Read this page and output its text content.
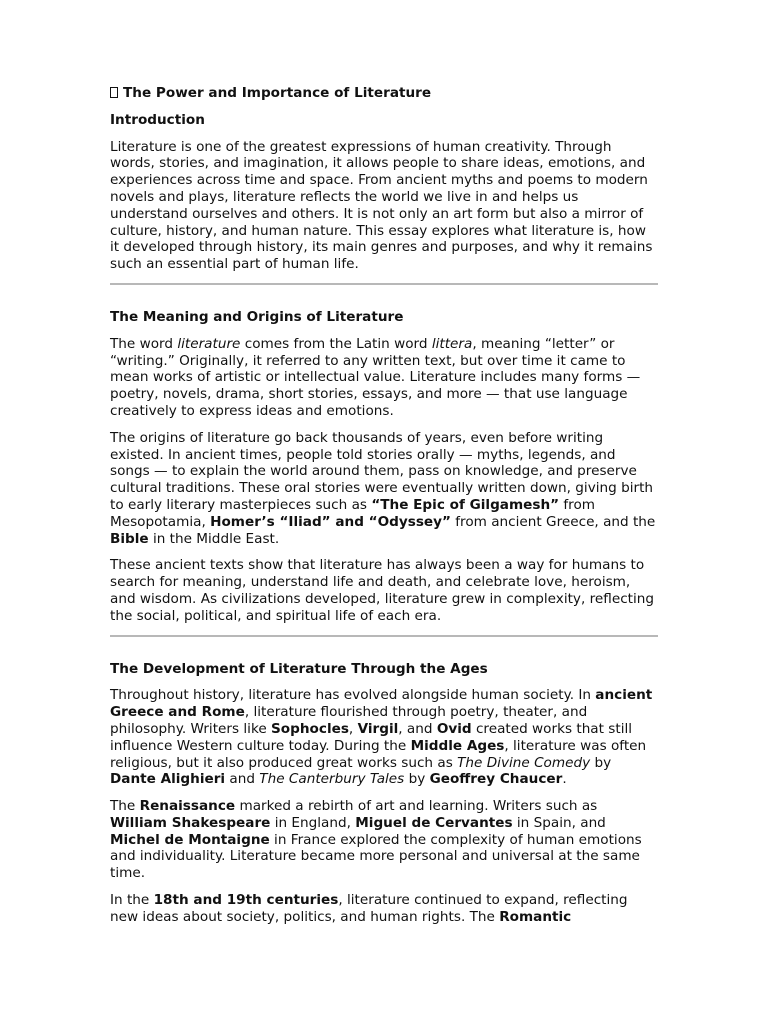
The Power and Importance of Literature
Introduction

Literature is one of the greatest expressions of human creativity. Through words, stories, and imagination, it allows people to share ideas, emotions, and experiences across time and space. From ancient myths and poems to modern novels and plays, literature reflects the world we live in and helps us understand ourselves and others. It is not only an art form but also a mirror of culture, history, and human nature. This essay explores what literature is, how it developed through history, its main genres and purposes, and why it remains such an essential part of human life.

The Meaning and Origins of Literature

The word literature comes from the Latin word littera, meaning “letter” or “writing.” Originally, it referred to any written text, but over time it came to mean works of artistic or intellectual value. Literature includes many forms — poetry, novels, drama, short stories, essays, and more — that use language creatively to express ideas and emotions.

The origins of literature go back thousands of years, even before writing existed. In ancient times, people told stories orally — myths, legends, and songs — to explain the world around them, pass on knowledge, and preserve cultural traditions. These oral stories were eventually written down, giving birth to early literary masterpieces such as “The Epic of Gilgamesh” from Mesopotamia, Homer’s “Iliad” and “Odyssey” from ancient Greece, and the Bible in the Middle East.

These ancient texts show that literature has always been a way for humans to search for meaning, understand life and death, and celebrate love, heroism, and wisdom. As civilizations developed, literature grew in complexity, reflecting the social, political, and spiritual life of each era.

The Development of Literature Through the Ages

Throughout history, literature has evolved alongside human society. In ancient Greece and Rome, literature flourished through poetry, theater, and philosophy. Writers like Sophocles, Virgil, and Ovid created works that still influence Western culture today. During the Middle Ages, literature was often religious, but it also produced great works such as The Divine Comedy by Dante Alighieri and The Canterbury Tales by Geoffrey Chaucer.

The Renaissance marked a rebirth of art and learning. Writers such as William Shakespeare in England, Miguel de Cervantes in Spain, and Michel de Montaigne in France explored the complexity of human emotions and individuality. Literature became more personal and universal at the same time.

In the 18th and 19th centuries, literature continued to expand, reflecting new ideas about society, politics, and human rights. The Romantic
